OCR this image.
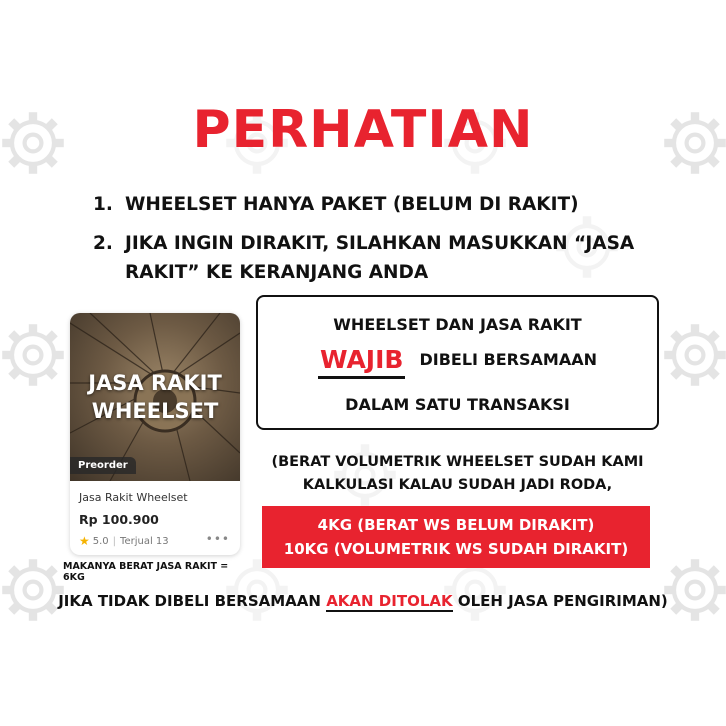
PERHATIAN
1. WHEELSET HANYA PAKET (BELUM DI RAKIT)
2. JIKA INGIN DIRAKIT, SILAHKAN MASUKKAN “JASA RAKIT” KE KERANJANG ANDA
JASA RAKIT
WHEELSET
Preorder
Jasa Rakit Wheelset
Rp 100.900
★ 5.0 | Terjual 13	•••
MAKANYA BERAT JASA RAKIT = 6KG
WHEELSET DAN JASA RAKIT
WAJIB DIBELI BERSAMAAN
DALAM SATU TRANSAKSI
(BERAT VOLUMETRIK WHEELSET SUDAH KAMI
KALKULASI KALAU SUDAH JADI RODA,
4KG (BERAT WS BELUM DIRAKIT)
10KG (VOLUMETRIK WS SUDAH DIRAKIT)
JIKA TIDAK DIBELI BERSAMAAN AKAN DITOLAK OLEH JASA PENGIRIMAN)
